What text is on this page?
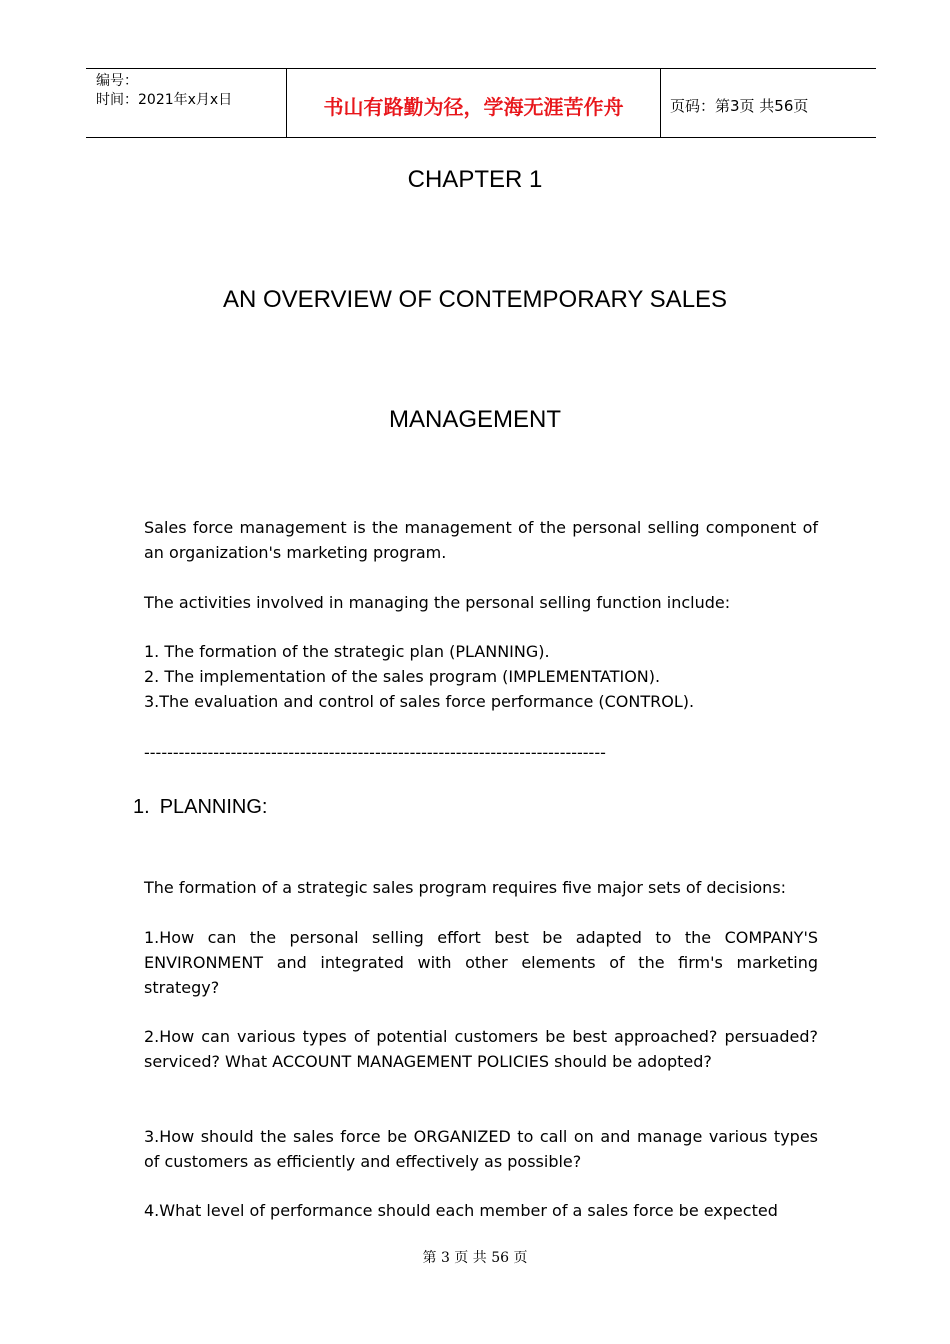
编号：
时间：2021年x月x日	书山有路勤为径，学海无涯苦作舟	页码：第3页 共56页
CHAPTER 1
AN OVERVIEW OF CONTEMPORARY SALES
MANAGEMENT
Sales force management is the management of the personal selling component of an organization's marketing program.
The activities involved in managing the personal selling function include:
1. The formation of the strategic plan (PLANNING).
2. The implementation of the sales program (IMPLEMENTATION).
3.The evaluation and control of sales force performance (CONTROL).
--------------------------------------------------------------------------------
1. PLANNING:
The formation of a strategic sales program requires five major sets of decisions:
1.How can the personal selling effort best be adapted to the COMPANY'S ENVIRONMENT and integrated with other elements of the firm's marketing strategy?
2.How can various types of potential customers be best approached? persuaded? serviced? What ACCOUNT MANAGEMENT POLICIES should be adopted?
3.How should the sales force be ORGANIZED to call on and manage various types of customers as efficiently and effectively as possible?
4.What level of performance should each member of a sales force be expected
第 3 页 共 56 页
